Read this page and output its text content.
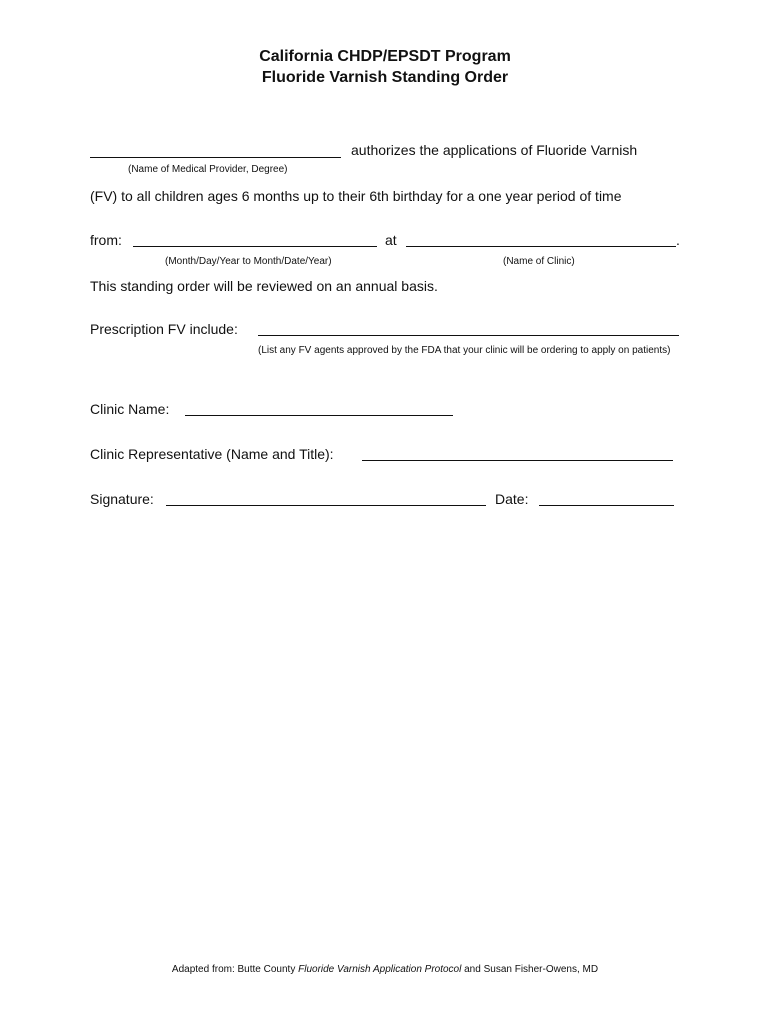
California CHDP/EPSDT Program
Fluoride Varnish Standing Order
authorizes the applications of Fluoride Varnish
(Name of Medical Provider, Degree)
(FV) to all children ages 6 months up to their 6th birthday for a one year period of time
from:	at	.
(Month/Day/Year to Month/Date/Year)	(Name of Clinic)
This standing order will be reviewed on an annual basis.
Prescription FV include:
(List any FV agents approved by the FDA that your clinic will be ordering to apply on patients)
Clinic Name:
Clinic Representative (Name and Title):
Signature:	Date:
Adapted from: Butte County Fluoride Varnish Application Protocol and Susan Fisher-Owens, MD
